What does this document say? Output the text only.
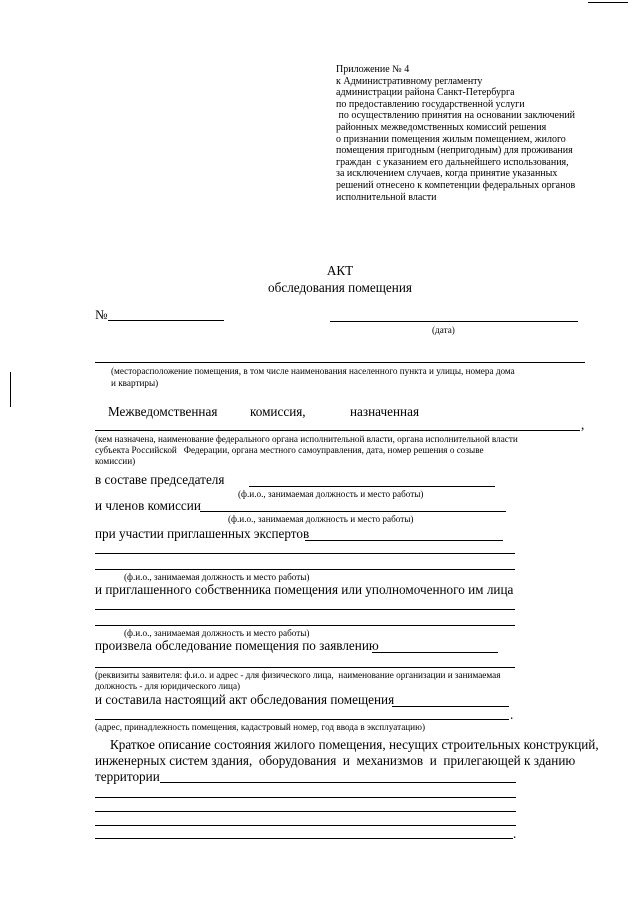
Приложение № 4
к Административному регламенту
администрации района Санкт-Петербурга
по предоставлению государственной услуги
по осуществлению принятия на основании заключений
районных межведомственных комиссий решения
о признании помещения жилым помещением, жилого
помещения пригодным (непригодным) для проживания
граждан  с указанием его дальнейшего использования,
за исключением случаев, когда принятие указанных
решений отнесено к компетенции федеральных органов
исполнительной власти
АКТ
обследования помещения
№
(дата)
(месторасположение помещения, в том числе наименования населенного пункта и улицы, номера дома
и квартиры)
Межведомственная комиссия,	назначенная
,
(кем назначена, наименование федерального органа исполнительной власти, органа исполнительной власти
субъекта Российской   Федерации, органа местного самоуправления, дата, номер решения о созыве
комиссии)
в составе председателя
(ф.и.о., занимаемая должность и место работы)
и членов комиссии
(ф.и.о., занимаемая должность и место работы)
при участии приглашенных экспертов
(ф.и.о., занимаемая должность и место работы)
и приглашенного собственника помещения или уполномоченного им лица
(ф.и.о., занимаемая должность и место работы)
произвела обследование помещения по заявлению
(реквизиты заявителя: ф.и.о. и адрес - для физического лица,  наименование организации и занимаемая
должность - для юридического лица)
и составила настоящий акт обследования помещения
.
(адрес, принадлежность помещения, кадастровый номер, год ввода в эксплуатацию)
Краткое описание состояния жилого помещения, несущих строительных конструкций,
инженерных систем здания,  оборудования  и  механизмов  и  прилегающей к зданию
территории
.
